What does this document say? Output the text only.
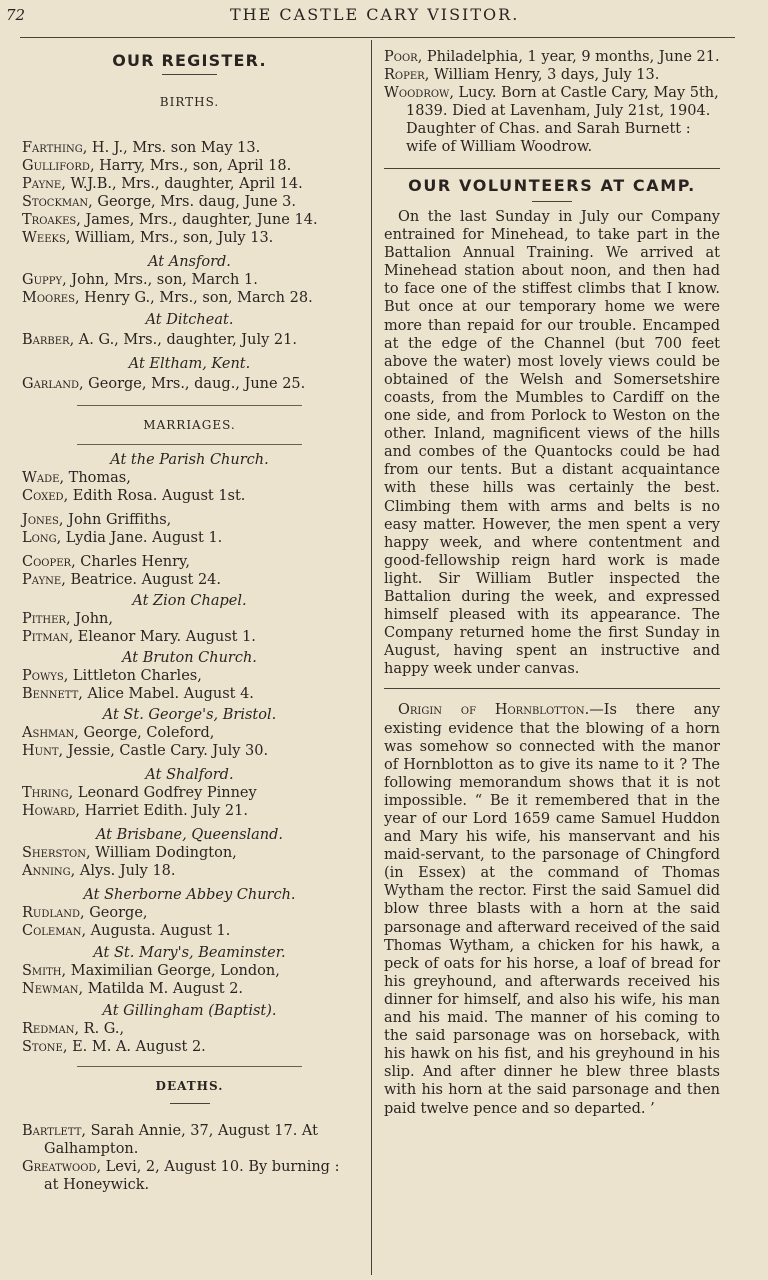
72	THE CASTLE CARY VISITOR.
OUR REGISTER.

BIRTHS.

Farthing, H. J., Mrs. son May 13.

Gulliford, Harry, Mrs., son, April 18.

Payne, W.J.B., Mrs., daughter, April 14.

Stockman, George, Mrs. daug, June 3.

Troakes, James, Mrs., daughter, June 14.

Weeks, William, Mrs., son, July 13.

At Ansford.

Guppy, John, Mrs., son, March 1.

Moores, Henry G., Mrs., son, March 28.

At Ditcheat.

Barber, A. G., Mrs., daughter, July 21.

At Eltham, Kent.

Garland, George, Mrs., daug., June 25.

MARRIAGES.

At the Parish Church.

Wade, Thomas,

Coxed, Edith Rosa. August 1st.

Jones, John Griffiths,

Long, Lydia Jane. August 1.

Cooper, Charles Henry,

Payne, Beatrice. August 24.

At Zion Chapel.

Pither, John,

Pitman, Eleanor Mary. August 1.

At Bruton Church.

Powys, Littleton Charles,

Bennett, Alice Mabel. August 4.

At St. George's, Bristol.

Ashman, George, Coleford,

Hunt, Jessie, Castle Cary. July 30.

At Shalford.

Thring, Leonard Godfrey Pinney

Howard, Harriet Edith. July 21.

At Brisbane, Queensland.

Sherston, William Dodington,

Anning, Alys. July 18.

At Sherborne Abbey Church.

Rudland, George,

Coleman, Augusta. August 1.

At St. Mary's, Beaminster.

Smith, Maximilian George, London,

Newman, Matilda M. August 2.

At Gillingham (Baptist).

Redman, R. G.,

Stone, E. M. A. August 2.

DEATHS.

Bartlett, Sarah Annie, 37, August 17. At Galhampton.

Greatwood, Levi, 2, August 10. By burning : at Honeywick.

Poor, Philadelphia, 1 year, 9 months, June 21.

Roper, William Henry, 3 days, July 13.

Woodrow, Lucy. Born at Castle Cary, May 5th, 1839. Died at Lavenham, July 21st, 1904. Daughter of Chas. and Sarah Burnett : wife of William Woodrow.

OUR VOLUNTEERS AT CAMP.

On the last Sunday in July our Company entrained for Minehead, to take part in the Battalion Annual Training. We arrived at Minehead station about noon, and then had to face one of the stiffest climbs that I know. But once at our temporary home we were more than repaid for our trouble. Encamped at the edge of the Channel (but 700 feet above the water) most lovely views could be obtained of the Welsh and Somersetshire coasts, from the Mumbles to Cardiff on the one side, and from Porlock to Weston on the other. Inland, magnificent views of the hills and combes of the Quantocks could be had from our tents. But a distant acquaintance with these hills was certainly the best. Climbing them with arms and belts is no easy matter. However, the men spent a very happy week, and where contentment and good-fellowship reign hard work is made light. Sir William Butler inspected the Battalion during the week, and expressed himself pleased with its appearance. The Company returned home the first Sunday in August, having spent an instructive and happy week under canvas.

Origin of Hornblotton.—Is there any existing evidence that the blowing of a horn was somehow so connected with the manor of Hornblotton as to give its name to it ? The following memorandum shows that it is not impossible. “ Be it remembered that in the year of our Lord 1659 came Samuel Huddon and Mary his wife, his manservant and his maid-servant, to the parsonage of Chingford (in Essex) at the command of Thomas Wytham the rector. First the said Samuel did blow three blasts with a horn at the said parsonage and afterward received of the said Thomas Wytham, a chicken for his hawk, a peck of oats for his horse, a loaf of bread for his greyhound, and afterwards received his dinner for himself, and also his wife, his man and his maid. The manner of his coming to the said parsonage was on horseback, with his hawk on his fist, and his greyhound in his slip. And after dinner he blew three blasts with his horn at the said parsonage and then paid twelve pence and so departed. ’
